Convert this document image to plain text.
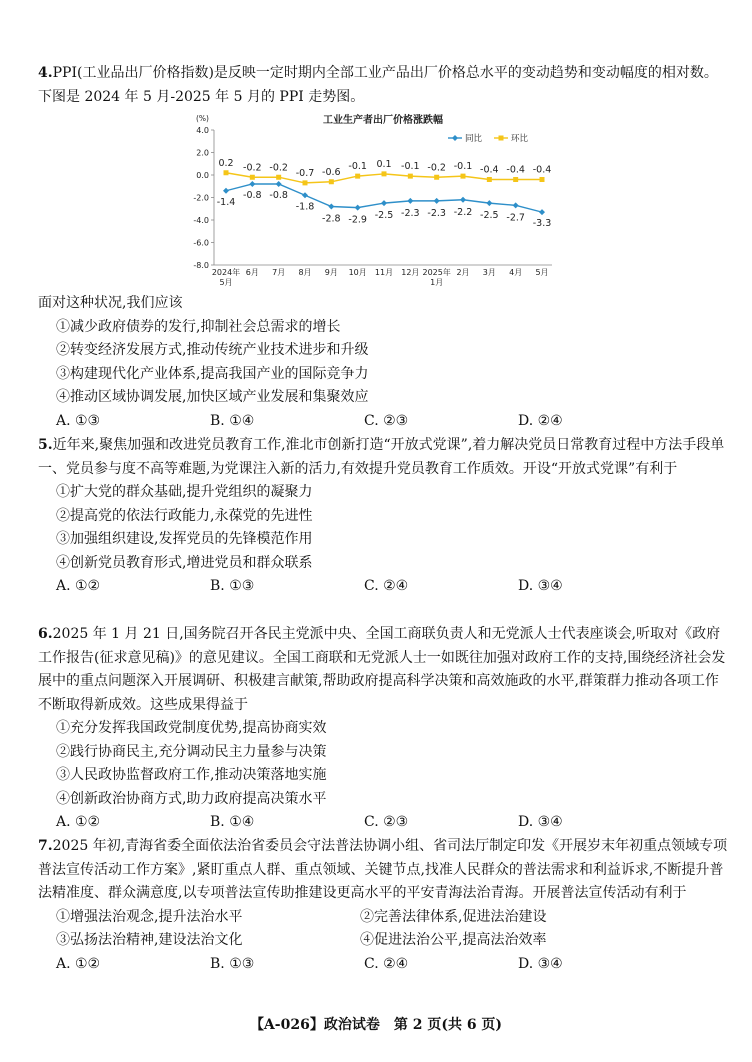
4.PPI(工业品出厂价格指数)是反映一定时期内全部工业产品出厂价格总水平的变动趋势和变动幅度的相对数。下图是 2024 年 5 月-2025 年 5 月的 PPI 走势图。

工业生产者出厂价格涨跌幅
(%)
4.0
2.0
0.0
-2.0
-4.0
-6.0
-8.0
2024年
5月
6月 7月 8月 9月 10月 11月 12月 2025年
1月
2月 3月 4月 5月
0.2 -0.2 -0.2
-0.7 -0.6
-0.1 0.1 -0.1 -0.2 -0.1 -0.4 -0.4 -0.4
-1.4
-0.8 -0.8
-1.8
-2.8 -2.9 -2.5 -2.3 -2.3 -2.2 -2.5 -2.7
-3.3
同比	环比

面对这种状况,我们应该

①减少政府债券的发行,抑制社会总需求的增长

②转变经济发展方式,推动传统产业技术进步和升级

③构建现代化产业体系,提高我国产业的国际竞争力

④推动区域协调发展,加快区域产业发展和集聚效应

A. ①③	B. ①④	C. ②③	D. ②④

5.近年来,聚焦加强和改进党员教育工作,淮北市创新打造“开放式党课”,着力解决党员日常教育过程中方法手段单一、党员参与度不高等难题,为党课注入新的活力,有效提升党员教育工作质效。开设“开放式党课”有利于

①扩大党的群众基础,提升党组织的凝聚力

②提高党的依法行政能力,永葆党的先进性

③加强组织建设,发挥党员的先锋模范作用

④创新党员教育形式,增进党员和群众联系

A. ①②	B. ①③	C. ②④	D. ③④

6.2025 年 1 月 21 日,国务院召开各民主党派中央、全国工商联负责人和无党派人士代表座谈会,听取对《政府工作报告(征求意见稿)》的意见建议。全国工商联和无党派人士一如既往加强对政府工作的支持,围绕经济社会发展中的重点问题深入开展调研、积极建言献策,帮助政府提高科学决策和高效施政的水平,群策群力推动各项工作不断取得新成效。这些成果得益于

①充分发挥我国政党制度优势,提高协商实效

②践行协商民主,充分调动民主力量参与决策

③人民政协监督政府工作,推动决策落地实施

④创新政治协商方式,助力政府提高决策水平

A. ①②	B. ①④	C. ②③	D. ③④

7.2025 年初,青海省委全面依法治省委员会守法普法协调小组、省司法厅制定印发《开展岁末年初重点领域专项普法宣传活动工作方案》,紧盯重点人群、重点领域、关键节点,找准人民群众的普法需求和利益诉求,不断提升普法精准度、群众满意度,以专项普法宣传助推建设更高水平的平安青海法治青海。开展普法宣传活动有利于

①增强法治观念,提升法治水平	②完善法律体系,促进法治建设
③弘扬法治精神,建设法治文化	④促进法治公平,提高法治效率
A. ①②	B. ①③	C. ②④	D. ③④
【A-026】政治试卷　第 2 页(共 6 页)
